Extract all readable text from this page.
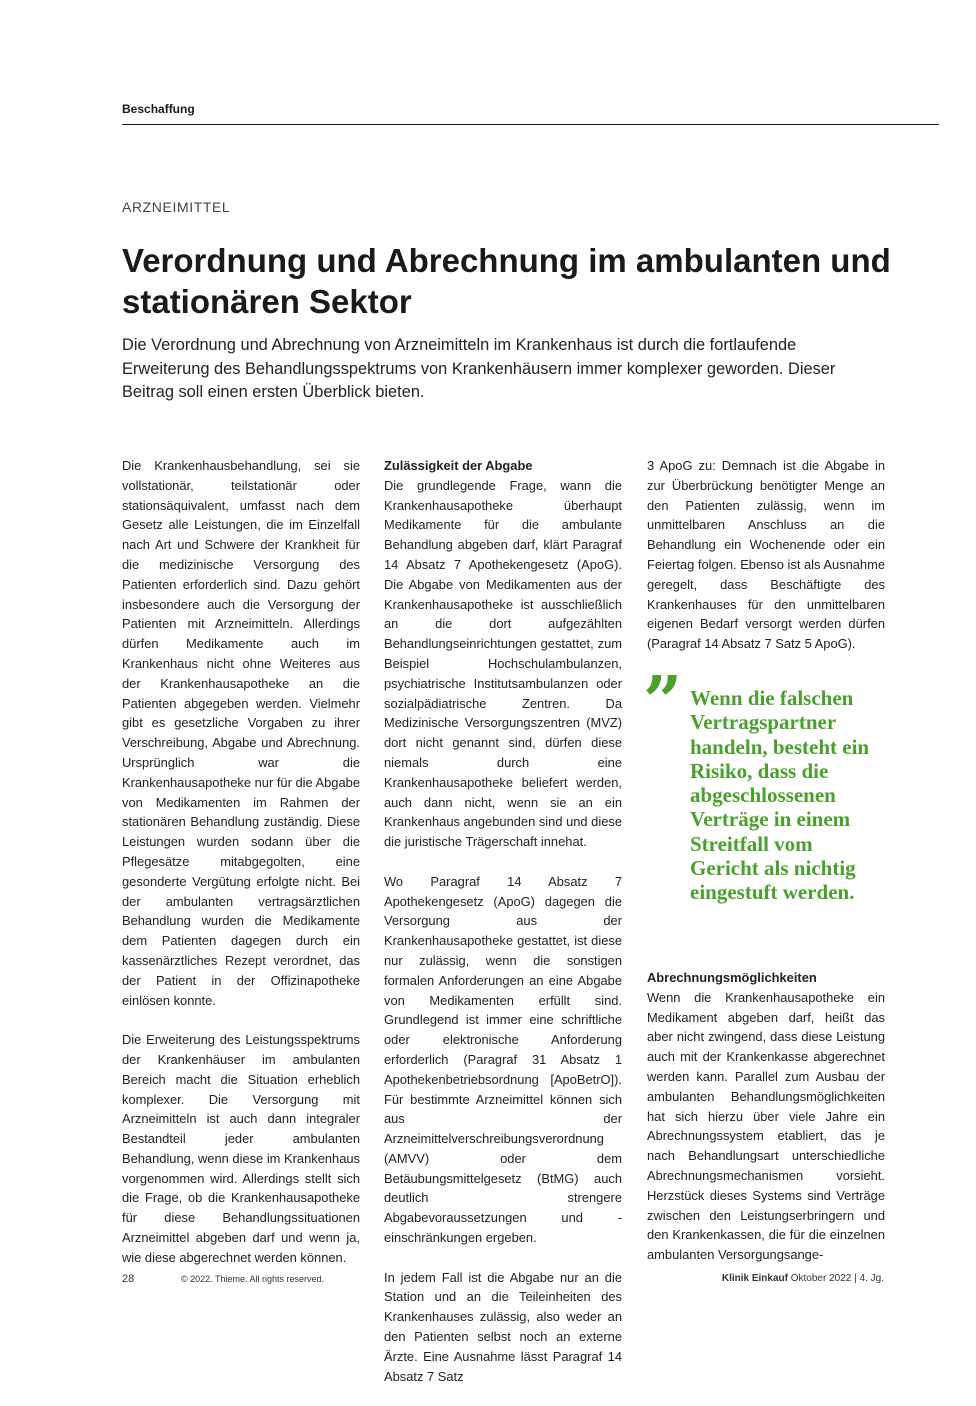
Beschaffung
ARZNEIMITTEL
Verordnung und Abrechnung im ambulanten und stationären Sektor
Die Verordnung und Abrechnung von Arzneimitteln im Krankenhaus ist durch die fortlaufende Erweiterung des Behandlungsspektrums von Krankenhäusern immer komplexer geworden. Dieser Beitrag soll einen ersten Überblick bieten.

Die Krankenhausbehandlung, sei sie vollstationär, teilstationär oder stationsäquivalent, umfasst nach dem Gesetz alle Leistungen, die im Einzelfall nach Art und Schwere der Krankheit für die medizinische Versorgung des Patienten erforderlich sind. Dazu gehört insbesondere auch die Versorgung der Patienten mit Arzneimitteln. Allerdings dürfen Medikamente auch im Krankenhaus nicht ohne Weiteres aus der Krankenhausapotheke an die Patienten abgegeben werden. Vielmehr gibt es gesetzliche Vorgaben zu ihrer Verschreibung, Abgabe und Abrechnung. Ursprünglich war die Krankenhausapotheke nur für die Abgabe von Medikamenten im Rahmen der stationären Behandlung zuständig. Diese Leistungen wurden sodann über die Pflegesätze mitabgegolten, eine gesonderte Vergütung erfolgte nicht. Bei der ambulanten vertragsärztlichen Behandlung wurden die Medikamente dem Patienten dagegen durch ein kassenärztliches Rezept verordnet, das der Patient in der Offizinapotheke einlösen konnte.

Die Erweiterung des Leistungsspektrums der Krankenhäuser im ambulanten Bereich macht die Situation erheblich komplexer. Die Versorgung mit Arzneimitteln ist auch dann integraler Bestandteil jeder ambulanten Behandlung, wenn diese im Krankenhaus vorgenommen wird. Allerdings stellt sich die Frage, ob die Krankenhausapotheke für diese Behandlungssituationen Arzneimittel abgeben darf und wenn ja, wie diese abgerechnet werden können.

Zulässigkeit der Abgabe

Die grundlegende Frage, wann die Krankenhausapotheke überhaupt Medikamente für die ambulante Behandlung abgeben darf, klärt Paragraf 14 Absatz 7 Apothekengesetz (ApoG). Die Abgabe von Medikamenten aus der Krankenhausapotheke ist ausschließlich an die dort aufgezählten Behandlungseinrichtungen gestattet, zum Beispiel Hochschulambulanzen, psychiatrische Institutsambulanzen oder sozialpädiatrische Zentren. Da Medizinische Versorgungszentren (MVZ) dort nicht genannt sind, dürfen diese niemals durch eine Krankenhausapotheke beliefert werden, auch dann nicht, wenn sie an ein Krankenhaus angebunden sind und diese die juristische Trägerschaft innehat.

Wo Paragraf 14 Absatz 7 Apothekengesetz (ApoG) dagegen die Versorgung aus der Krankenhausapotheke gestattet, ist diese nur zulässig, wenn die sonstigen formalen Anforderungen an eine Abgabe von Medikamenten erfüllt sind. Grundlegend ist immer eine schriftliche oder elektronische Anforderung erforderlich (Paragraf 31 Absatz 1 Apothekenbetriebsordnung [ApoBetrO]). Für bestimmte Arzneimittel können sich aus der Arzneimittelverschreibungsverordnung (AMVV) oder dem Betäubungsmittelgesetz (BtMG) auch deutlich strengere Abgabevoraussetzungen und -einschränkungen ergeben.

In jedem Fall ist die Abgabe nur an die Station und an die Teileinheiten des Krankenhauses zulässig, also weder an den Patienten selbst noch an externe Ärzte. Eine Ausnahme lässt Paragraf 14 Absatz 7 Satz

3 ApoG zu: Demnach ist die Abgabe in zur Überbrückung benötigter Menge an den Patienten zulässig, wenn im unmittelbaren Anschluss an die Behandlung ein Wochenende oder ein Feiertag folgen. Ebenso ist als Ausnahme geregelt, dass Beschäftigte des Krankenhauses für den unmittelbaren eigenen Bedarf versorgt werden dürfen (Paragraf 14 Absatz 7 Satz 5 ApoG).

” Wenn die falschen Vertragspartner handeln, besteht ein Risiko, dass die abgeschlossenen Verträge in einem Streitfall vom Gericht als nichtig eingestuft werden.

Abrechnungsmöglichkeiten

Wenn die Krankenhausapotheke ein Medikament abgeben darf, heißt das aber nicht zwingend, dass diese Leistung auch mit der Krankenkasse abgerechnet werden kann. Parallel zum Ausbau der ambulanten Behandlungsmöglichkeiten hat sich hierzu über viele Jahre ein Abrechnungssystem etabliert, das je nach Behandlungsart unterschiedliche Abrechnungsmechanismen vorsieht. Herzstück dieses Systems sind Verträge zwischen den Leistungserbringern und den Krankenkassen, die für die einzelnen ambulanten Versorgungsange-

28	© 2022. Thieme. All rights reserved.	Klinik Einkauf Oktober 2022 | 4. Jg.
